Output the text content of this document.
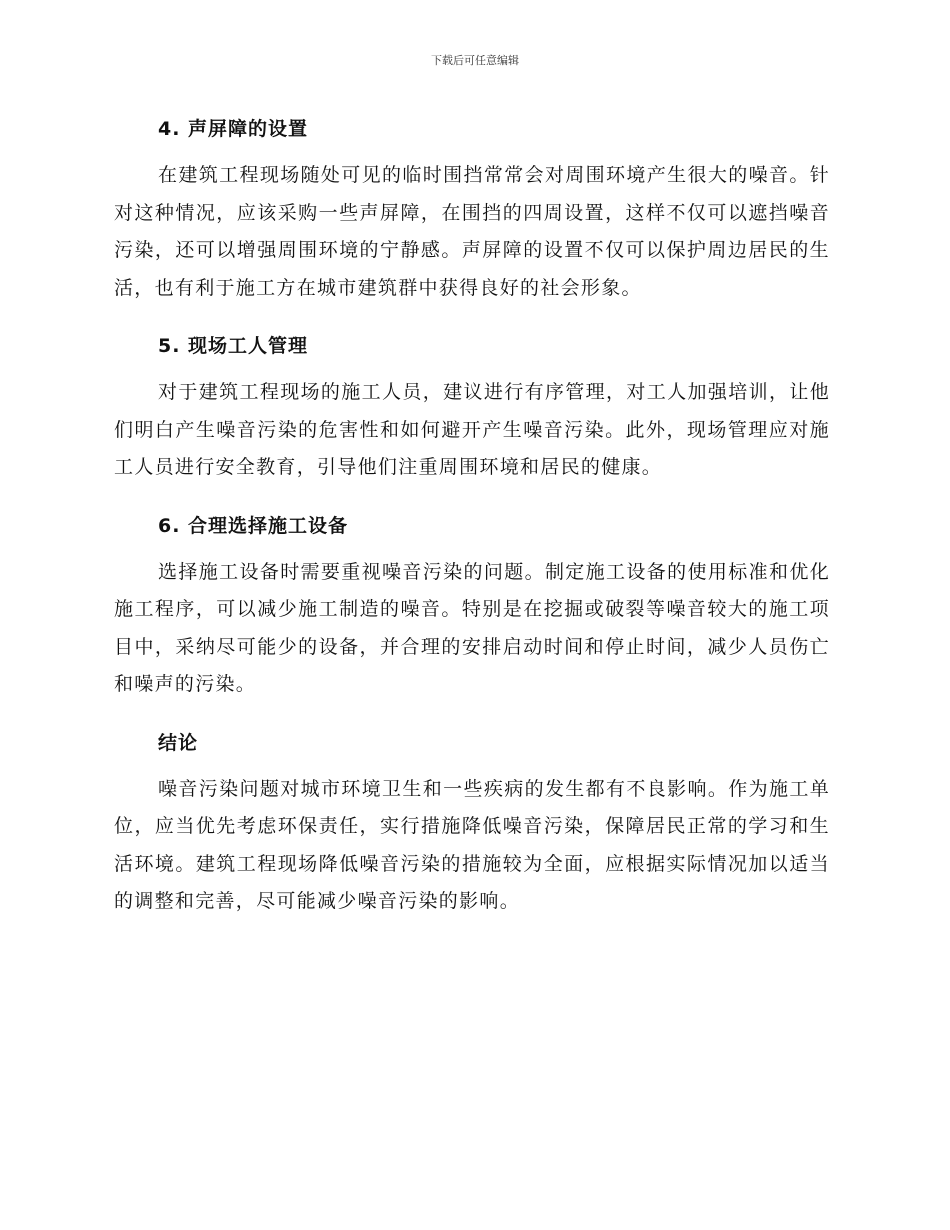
下载后可任意编辑
4. 声屏障的设置

在建筑工程现场随处可见的临时围挡常常会对周围环境产生很大的噪音。针对这种情况，应该采购一些声屏障，在围挡的四周设置，这样不仅可以遮挡噪音污染，还可以增强周围环境的宁静感。声屏障的设置不仅可以保护周边居民的生活，也有利于施工方在城市建筑群中获得良好的社会形象。

5. 现场工人管理

对于建筑工程现场的施工人员，建议进行有序管理，对工人加强培训，让他们明白产生噪音污染的危害性和如何避开产生噪音污染。此外，现场管理应对施工人员进行安全教育，引导他们注重周围环境和居民的健康。

6. 合理选择施工设备

选择施工设备时需要重视噪音污染的问题。制定施工设备的使用标准和优化施工程序，可以减少施工制造的噪音。特别是在挖掘或破裂等噪音较大的施工项目中，采纳尽可能少的设备，并合理的安排启动时间和停止时间，减少人员伤亡和噪声的污染。

结论

噪音污染问题对城市环境卫生和一些疾病的发生都有不良影响。作为施工单位，应当优先考虑环保责任，实行措施降低噪音污染，保障居民正常的学习和生活环境。建筑工程现场降低噪音污染的措施较为全面，应根据实际情况加以适当的调整和完善，尽可能减少噪音污染的影响。
